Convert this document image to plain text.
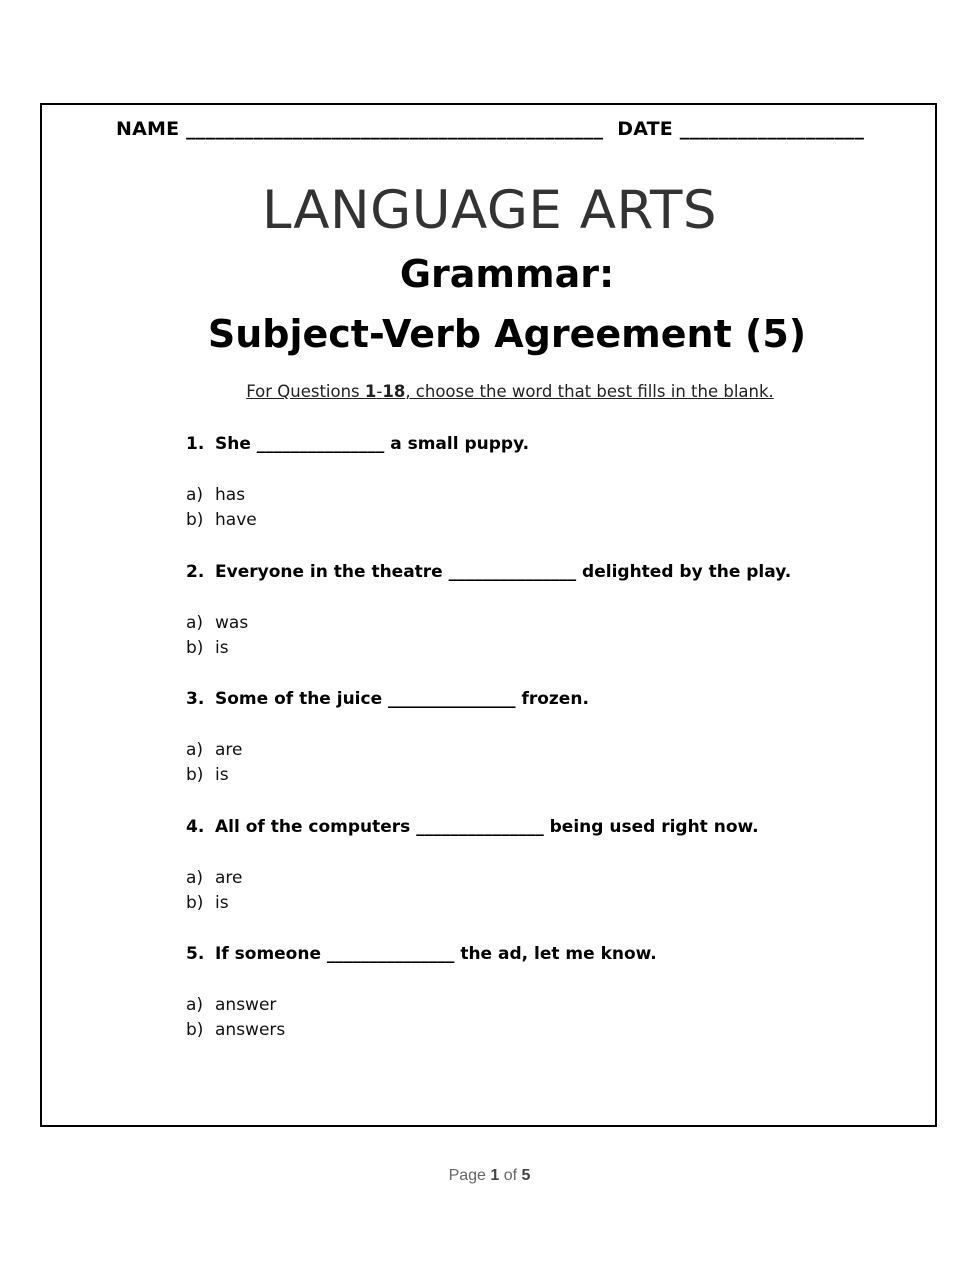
NAME ___________________________________________ DATE ___________________
LANGUAGE ARTS
Grammar:
Subject-Verb Agreement (5)
For Questions 1-18, choose the word that best fills in the blank.
1. She _______________ a small puppy.
a) has
b) have
2. Everyone in the theatre _______________ delighted by the play.
a) was
b) is
3. Some of the juice _______________ frozen.
a) are
b) is
4. All of the computers _______________ being used right now.
a) are
b) is
5. If someone _______________ the ad, let me know.
a) answer
b) answers
Page 1 of 5
